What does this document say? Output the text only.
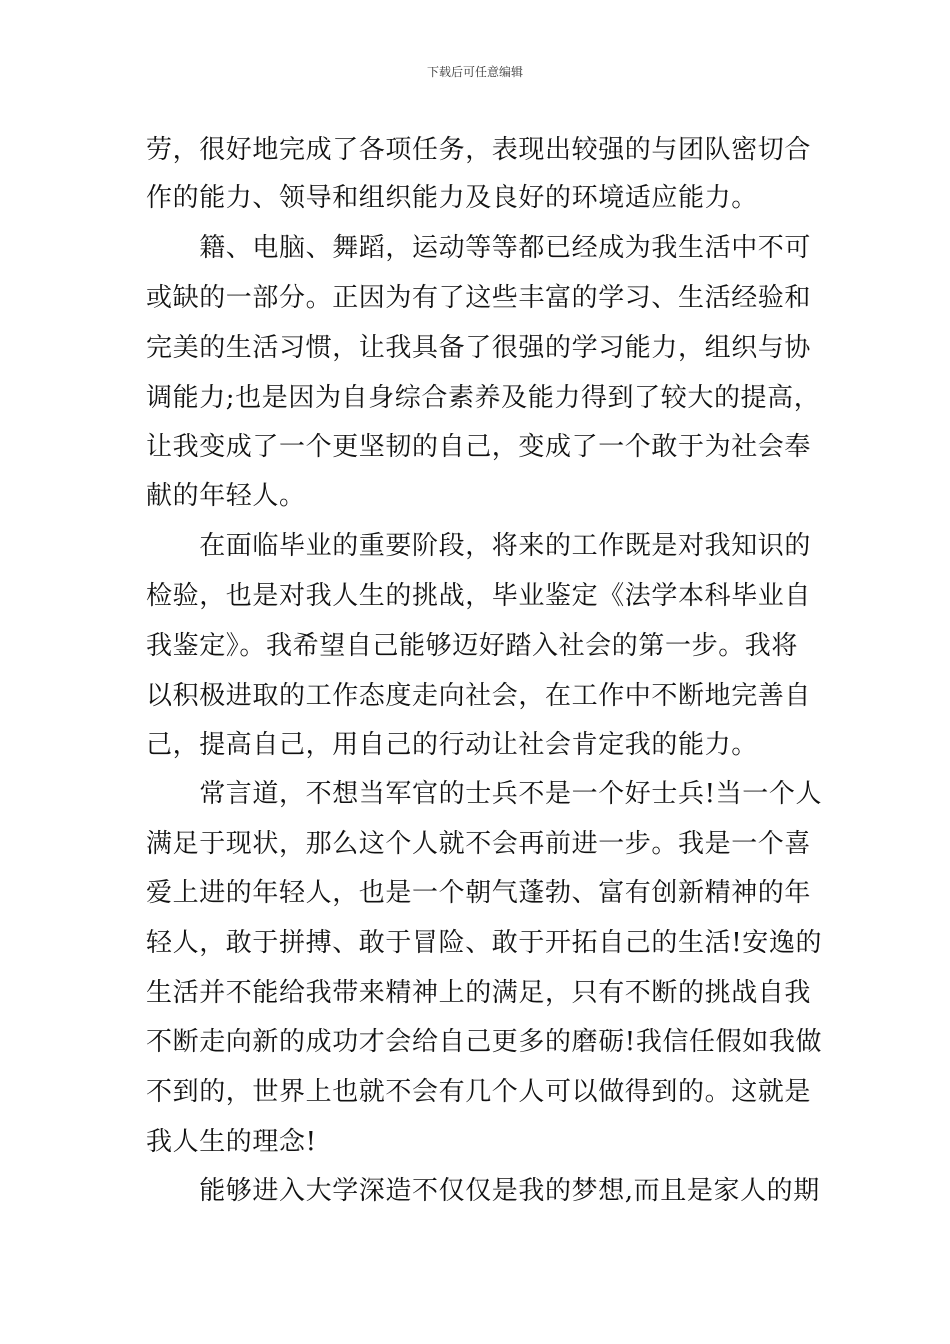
下载后可任意编辑
劳，很好地完成了各项任务，表现出较强的与团队密切合
作的能力、领导和组织能力及良好的环境适应能力。
　　籍、电脑、舞蹈，运动等等都已经成为我生活中不可
或缺的一部分。正因为有了这些丰富的学习、生活经验和
完美的生活习惯，让我具备了很强的学习能力，组织与协
调能力;也是因为自身综合素养及能力得到了较大的提高，
让我变成了一个更坚韧的自己，变成了一个敢于为社会奉
献的年轻人。
　　在面临毕业的重要阶段，将来的工作既是对我知识的
检验，也是对我人生的挑战，毕业鉴定《法学本科毕业自
我鉴定》。我希望自己能够迈好踏入社会的第一步。我将
以积极进取的工作态度走向社会，在工作中不断地完善自
己，提高自己，用自己的行动让社会肯定我的能力。
　　常言道，不想当军官的士兵不是一个好士兵!当一个人
满足于现状，那么这个人就不会再前进一步。我是一个喜
爱上进的年轻人，也是一个朝气蓬勃、富有创新精神的年
轻人，敢于拼搏、敢于冒险、敢于开拓自己的生活!安逸的
生活并不能给我带来精神上的满足，只有不断的挑战自我
不断走向新的成功才会给自己更多的磨砺!我信任假如我做
不到的，世界上也就不会有几个人可以做得到的。这就是
我人生的理念!
　　能够进入大学深造不仅仅是我的梦想,而且是家人的期
